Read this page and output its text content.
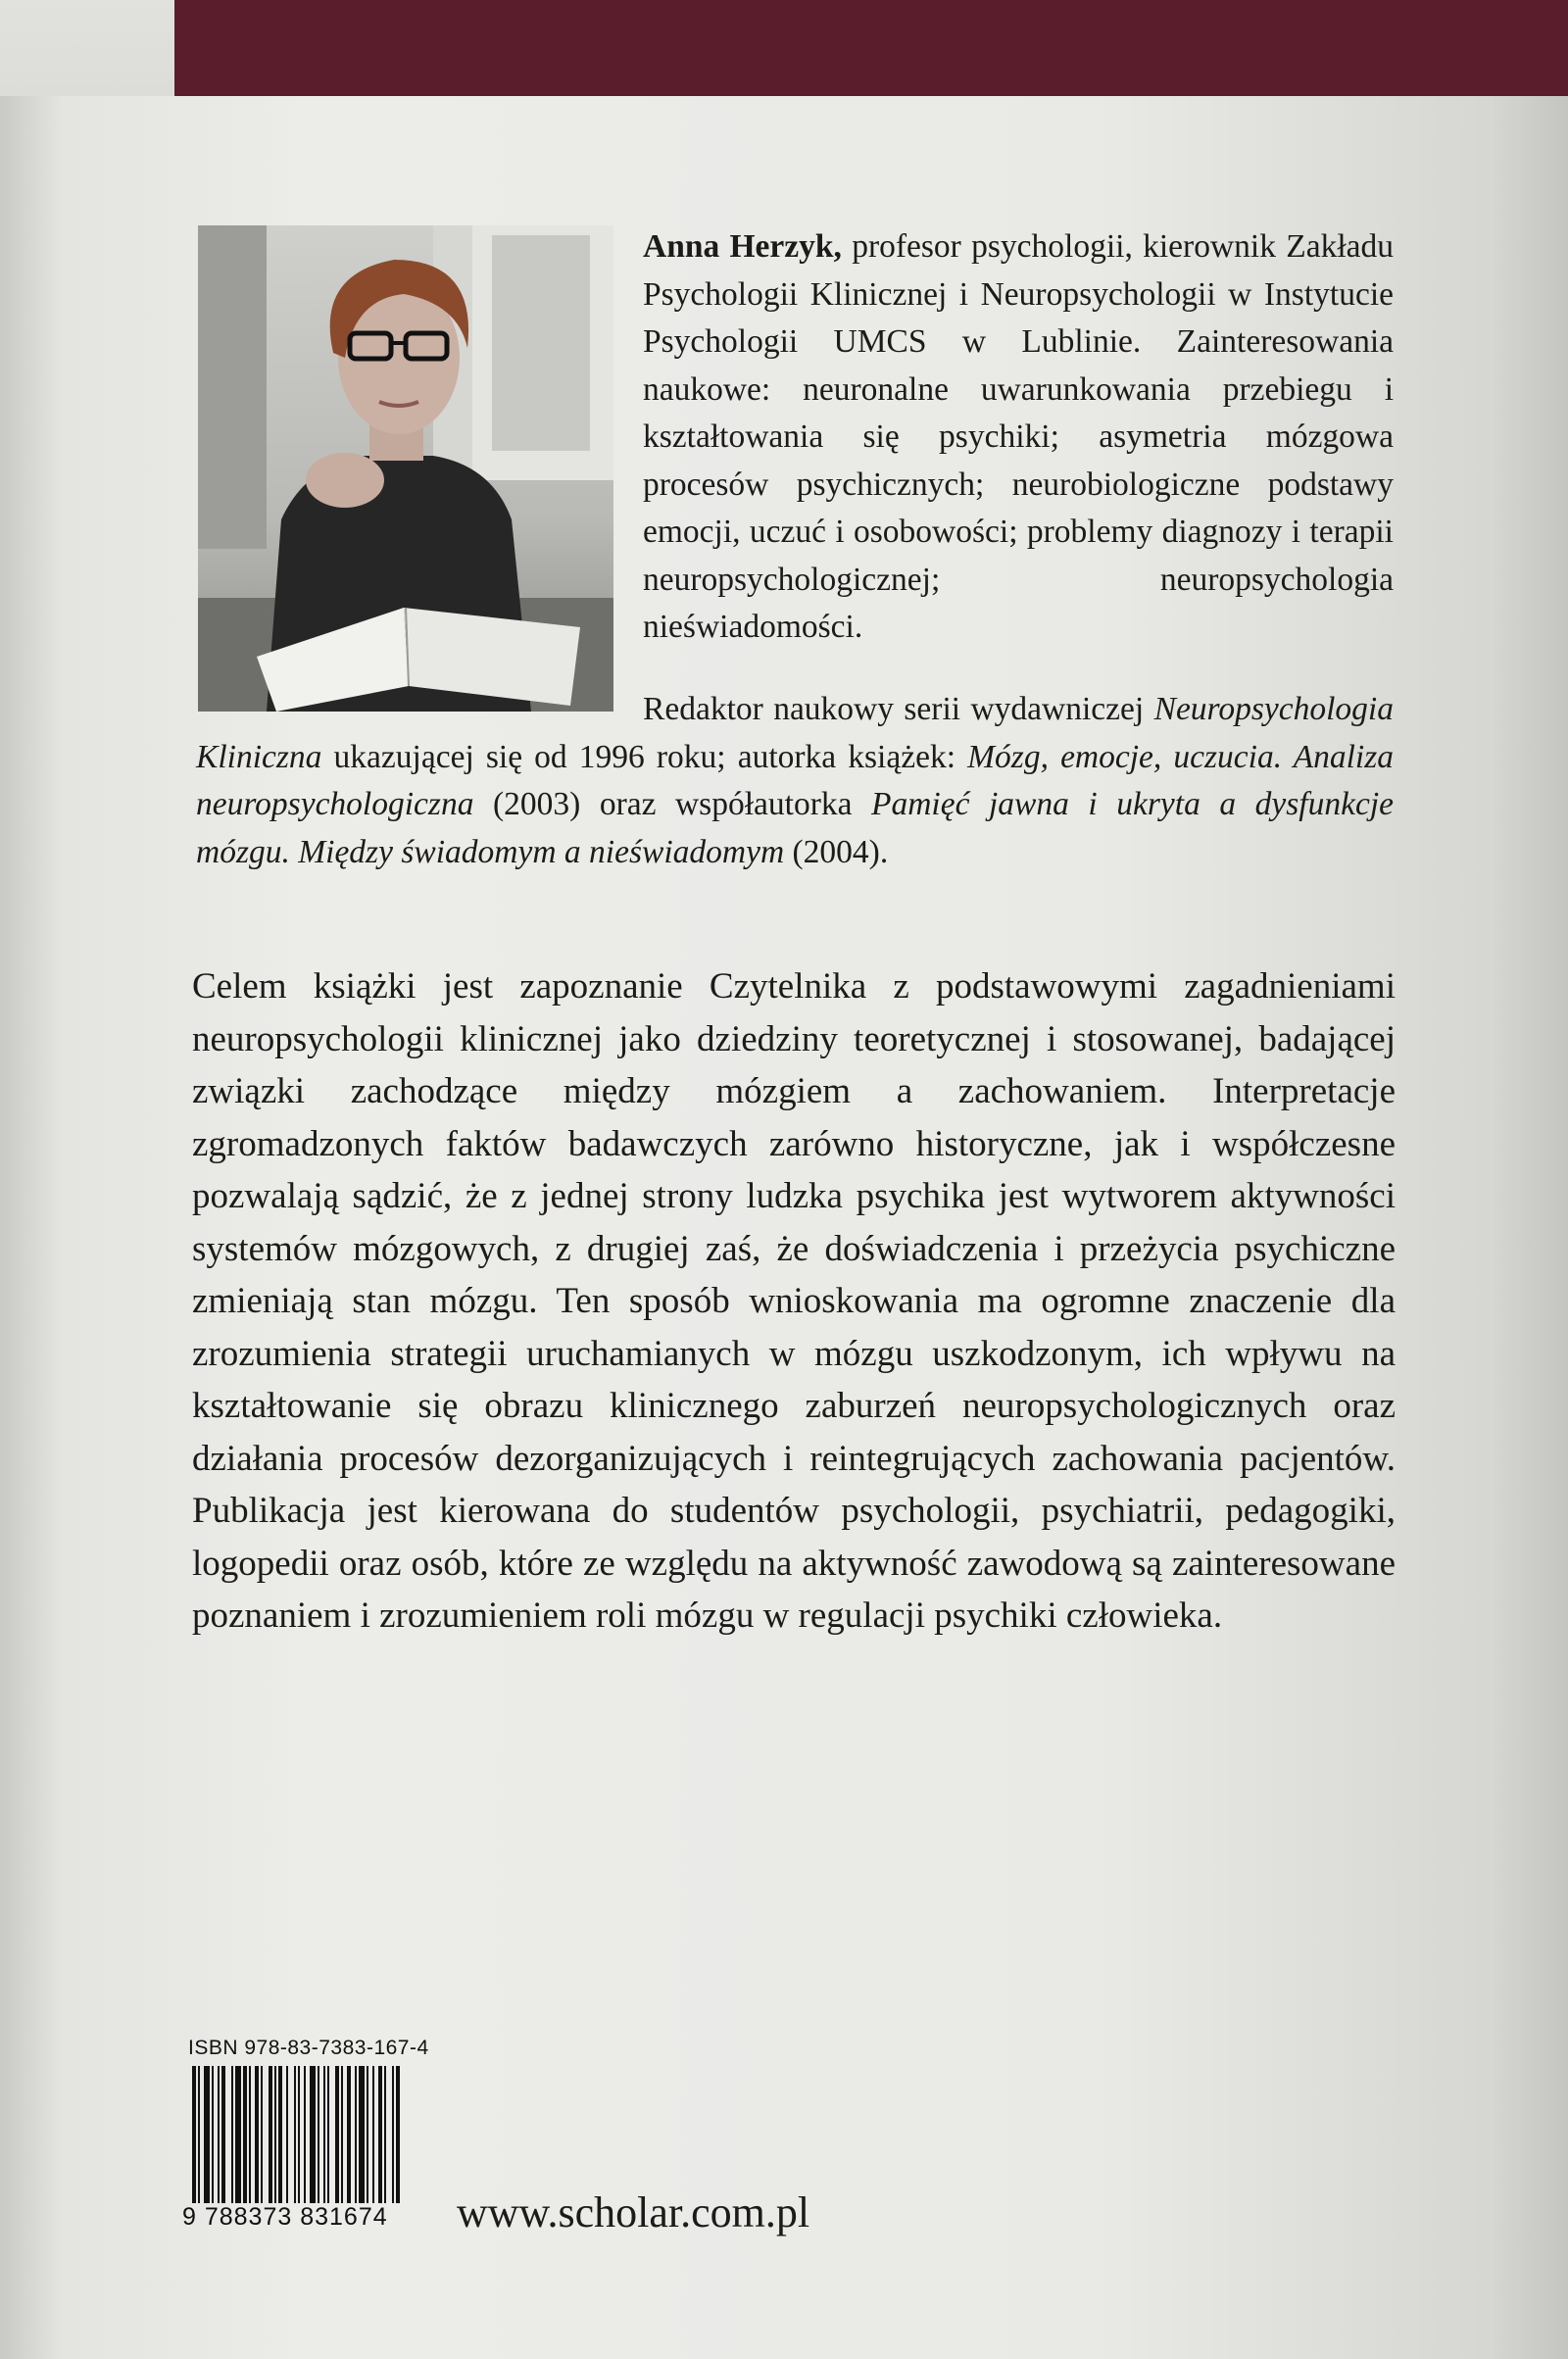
Anna Herzyk, profesor psychologii, kierownik Zakładu Psychologii Klinicznej i Neuropsychologii w Instytucie Psychologii UMCS w Lublinie. Zainteresowania naukowe: neuronalne uwarunkowania przebiegu i kształtowania się psychiki; asymetria mózgowa procesów psychicznych; neurobiologiczne podstawy emocji, uczuć i osobowości; problemy diagnozy i terapii neuropsychologicznej; neuropsychologia nieświadomości.
Redaktor naukowy serii wydawniczej Neuropsychologia Kliniczna ukazującej się od 1996 roku; autorka książek: Mózg, emocje, uczucia. Analiza neuropsychologiczna (2003) oraz współautorka Pamięć jawna i ukryta a dysfunkcje mózgu. Między świadomym a nieświadomym (2004).
Celem książki jest zapoznanie Czytelnika z podstawowymi zagadnieniami neuropsychologii klinicznej jako dziedziny teoretycznej i stosowanej, badającej związki zachodzące między mózgiem a zachowaniem. Interpretacje zgromadzonych faktów badawczych zarówno historyczne, jak i współczesne pozwalają sądzić, że z jednej strony ludzka psychika jest wytworem aktywności systemów mózgowych, z drugiej zaś, że doświadczenia i przeżycia psychiczne zmieniają stan mózgu. Ten sposób wnioskowania ma ogromne znaczenie dla zrozumienia strategii uruchamianych w mózgu uszkodzonym, ich wpływu na kształtowanie się obrazu klinicznego zaburzeń neuropsychologicznych oraz działania procesów dezorganizujących i reintegrujących zachowania pacjentów. Publikacja jest kierowana do studentów psychologii, psychiatrii, pedagogiki, logopedii oraz osób, które ze względu na aktywność zawodową są zainteresowane poznaniem i zrozumieniem roli mózgu w regulacji psychiki człowieka.
ISBN 978-83-7383-167-4
9 788373 831674	www.scholar.com.pl
